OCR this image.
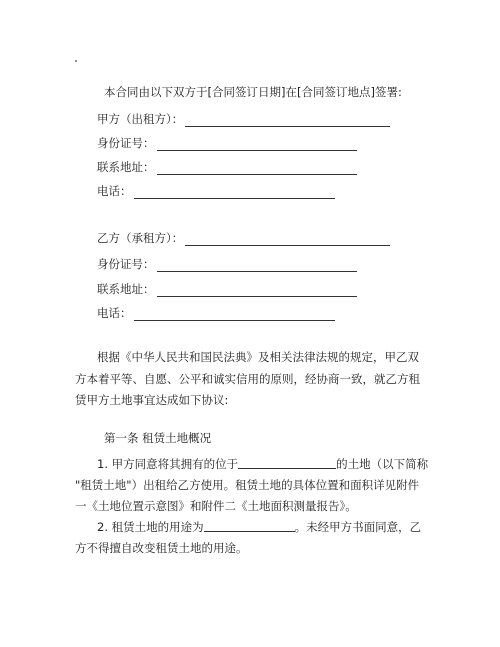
本合同由以下双方于[合同签订日期]在[合同签订地点]签署:
甲方（出租方）：
身份证号：
联系地址：
电话：
乙方（承租方）：
身份证号：
联系地址：
电话：
根据《中华人民共和国民法典》及相关法律法规的规定，甲乙双
方本着平等、自愿、公平和诚实信用的原则，经协商一致，就乙方租
赁甲方土地事宜达成如下协议:
第一条 租赁土地概况
1. 甲方同意将其拥有的位于	的土地（以下简称
"租赁土地"）出租给乙方使用。租赁土地的具体位置和面积详见附件
一《土地位置示意图》和附件二《土地面积测量报告》。
2. 租赁土地的用途为	。未经甲方书面同意，乙
方不得擅自改变租赁土地的用途。
